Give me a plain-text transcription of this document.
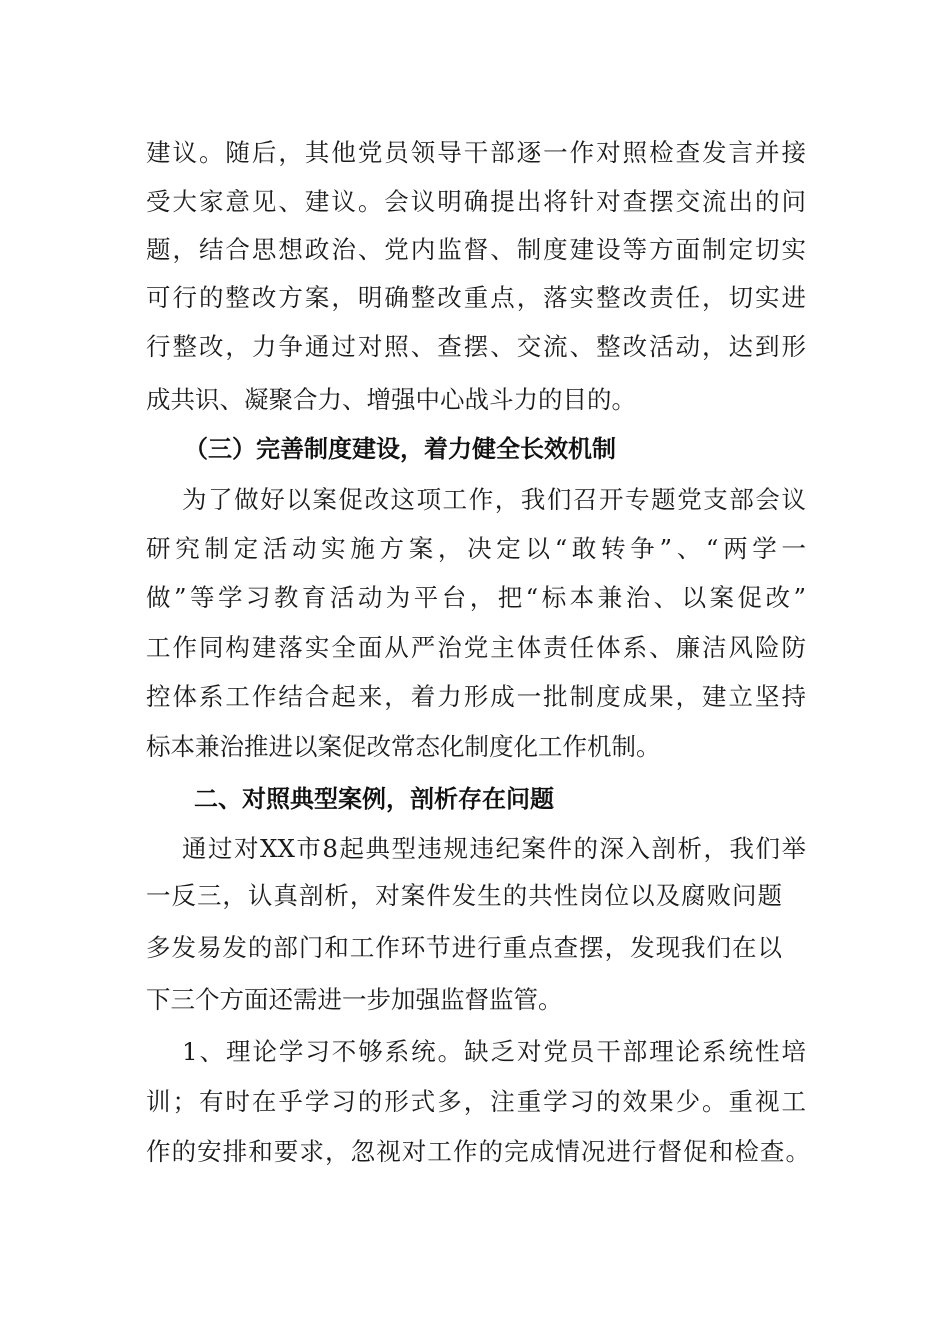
建议。随后，其他党员领导干部逐一作对照检查发言并接
受大家意见、建议。会议明确提出将针对查摆交流出的问
题，结合思想政治、党内监督、制度建设等方面制定切实
可行的整改方案，明确整改重点，落实整改责任，切实进
行整改，力争通过对照、查摆、交流、整改活动，达到形
成共识、凝聚合力、增强中心战斗力的目的。
（三）完善制度建设，着力健全长效机制
为了做好以案促改这项工作，我们召开专题党支部会议
研究制定活动实施方案，决定以“敢转争”、“两学一
做”等学习教育活动为平台，把“标本兼治、以案促改”
工作同构建落实全面从严治党主体责任体系、廉洁风险防
控体系工作结合起来，着力形成一批制度成果，建立坚持
标本兼治推进以案促改常态化制度化工作机制。
二、对照典型案例，剖析存在问题
通过对XX市8起典型违规违纪案件的深入剖析，我们举
一反三，认真剖析，对案件发生的共性岗位以及腐败问题
多发易发的部门和工作环节进行重点查摆，发现我们在以
下三个方面还需进一步加强监督监管。
1、理论学习不够系统。缺乏对党员干部理论系统性培
训；有时在乎学习的形式多，注重学习的效果少。重视工
作的安排和要求，忽视对工作的完成情况进行督促和检查。
